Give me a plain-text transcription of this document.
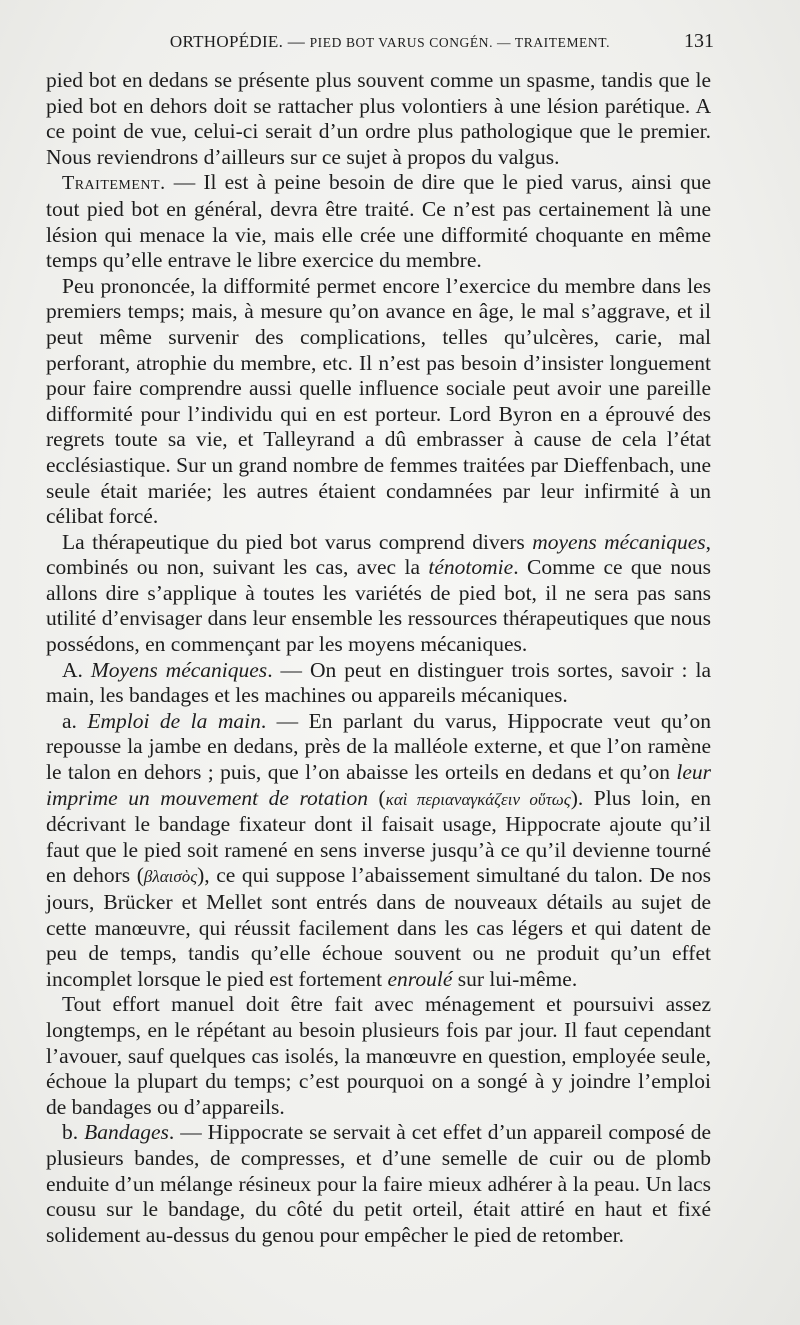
ORTHOPÉDIE. — PIED BOT VARUS CONGÉN. — TRAITEMENT.	131

pied bot en dedans se présente plus souvent comme un spasme, tandis que le pied bot en dehors doit se rattacher plus volontiers à une lésion parétique. A ce point de vue, celui-ci serait d’un ordre plus pathologique que le premier. Nous reviendrons d’ailleurs sur ce sujet à propos du valgus.

Traitement. — Il est à peine besoin de dire que le pied varus, ainsi que tout pied bot en général, devra être traité. Ce n’est pas certainement là une lésion qui menace la vie, mais elle crée une difformité choquante en même temps qu’elle entrave le libre exercice du membre.

Peu prononcée, la difformité permet encore l’exercice du membre dans les premiers temps; mais, à mesure qu’on avance en âge, le mal s’aggrave, et il peut même survenir des complications, telles qu’ulcères, carie, mal perforant, atrophie du membre, etc. Il n’est pas besoin d’insister longuement pour faire comprendre aussi quelle influence sociale peut avoir une pareille difformité pour l’individu qui en est porteur. Lord Byron en a éprouvé des regrets toute sa vie, et Talleyrand a dû embrasser à cause de cela l’état ecclésiastique. Sur un grand nombre de femmes traitées par Dieffenbach, une seule était mariée; les autres étaient condamnées par leur infirmité à un célibat forcé.

La thérapeutique du pied bot varus comprend divers moyens mécaniques, combinés ou non, suivant les cas, avec la ténotomie. Comme ce que nous allons dire s’applique à toutes les variétés de pied bot, il ne sera pas sans utilité d’envisager dans leur ensemble les ressources thérapeutiques que nous possédons, en commençant par les moyens mécaniques.

A. Moyens mécaniques. — On peut en distinguer trois sortes, savoir : la main, les bandages et les machines ou appareils mécaniques.

a. Emploi de la main. — En parlant du varus, Hippocrate veut qu’on repousse la jambe en dedans, près de la malléole externe, et que l’on ramène le talon en dehors ; puis, que l’on abaisse les orteils en dedans et qu’on leur imprime un mouvement de rotation (καὶ περιαναγκάζειν οὕτως). Plus loin, en décrivant le bandage fixateur dont il faisait usage, Hippocrate ajoute qu’il faut que le pied soit ramené en sens inverse jusqu’à ce qu’il devienne tourné en dehors (βλαισὸς), ce qui suppose l’abaissement simultané du talon. De nos jours, Brücker et Mellet sont entrés dans de nouveaux détails au sujet de cette manœuvre, qui réussit facilement dans les cas légers et qui datent de peu de temps, tandis qu’elle échoue souvent ou ne produit qu’un effet incomplet lorsque le pied est fortement enroulé sur lui-même.

Tout effort manuel doit être fait avec ménagement et poursuivi assez longtemps, en le répétant au besoin plusieurs fois par jour. Il faut cependant l’avouer, sauf quelques cas isolés, la manœuvre en question, employée seule, échoue la plupart du temps; c’est pourquoi on a songé à y joindre l’emploi de bandages ou d’appareils.

b. Bandages. — Hippocrate se servait à cet effet d’un appareil composé de plusieurs bandes, de compresses, et d’une semelle de cuir ou de plomb enduite d’un mélange résineux pour la faire mieux adhérer à la peau. Un lacs cousu sur le bandage, du côté du petit orteil, était attiré en haut et fixé solidement au-dessus du genou pour empêcher le pied de retomber.
